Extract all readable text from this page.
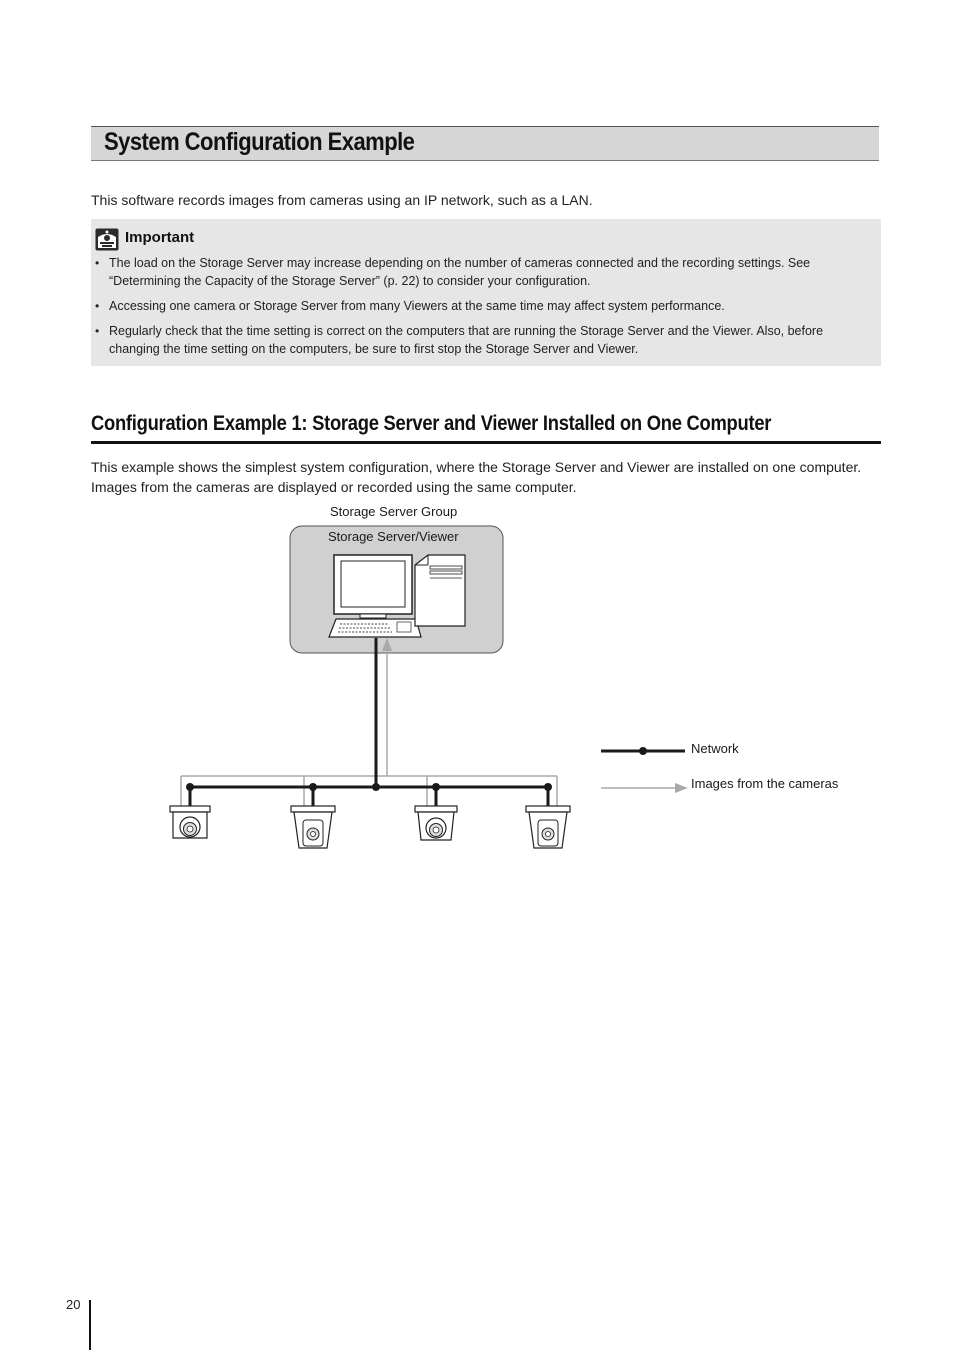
System Configuration Example
This software records images from cameras using an IP network, such as a LAN.
Important
• The load on the Storage Server may increase depending on the number of cameras connected and the recording settings. See
“Determining the Capacity of the Storage Server” (p. 22) to consider your configuration.
• Accessing one camera or Storage Server from many Viewers at the same time may affect system performance.
• Regularly check that the time setting is correct on the computers that are running the Storage Server and the Viewer. Also, before
changing the time setting on the computers, be sure to first stop the Storage Server and Viewer.
Configuration Example 1: Storage Server and Viewer Installed on One Computer
This example shows the simplest system configuration, where the Storage Server and Viewer are installed on one computer.
Images from the cameras are displayed or recorded using the same computer.
Storage Server Group
Storage Server/Viewer
Network
Images from the cameras
20
